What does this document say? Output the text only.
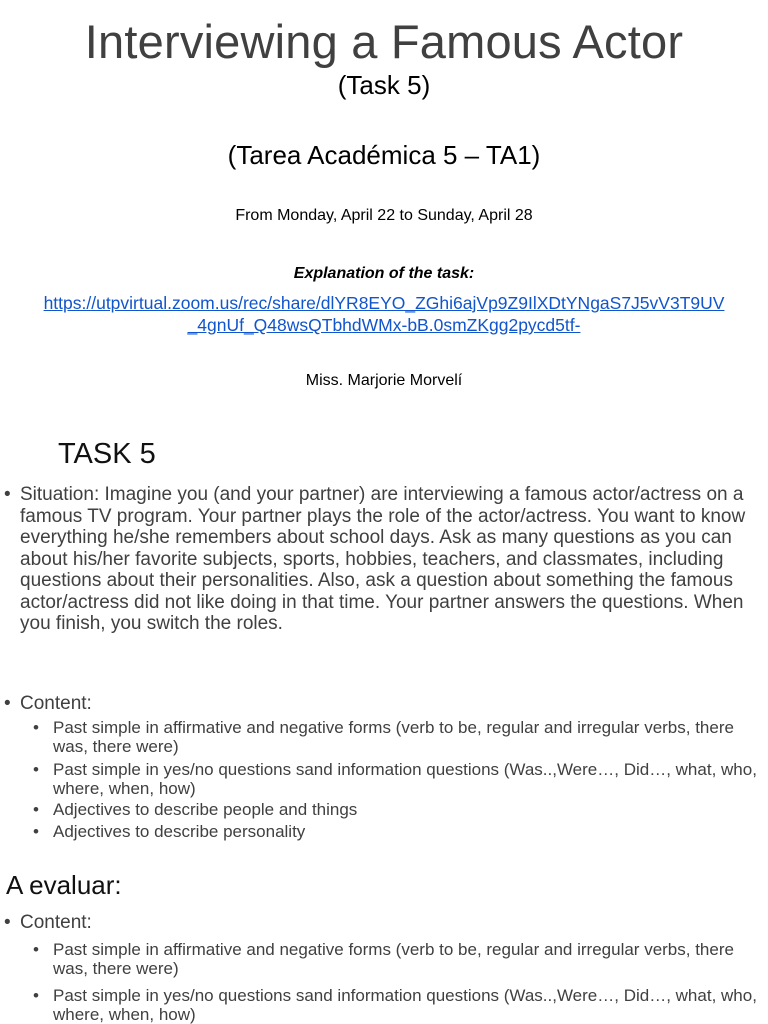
Interviewing a Famous Actor
(Task 5)
(Tarea Académica 5 – TA1)
From Monday, April 22 to Sunday, April 28
Explanation of the task:
https://utpvirtual.zoom.us/rec/share/dlYR8EYO_ZGhi6ajVp9Z9IlXDtYNgaS7J5vV3T9UV
_4gnUf_Q48wsQTbhdWMx-bB.0smZKgg2pycd5tf-
Miss. Marjorie Morvelí
TASK 5
• Situation: Imagine you (and your partner) are interviewing a famous actor/actress on a famous TV program. Your partner plays the role of the actor/actress. You want to know everything he/she remembers about school days. Ask as many questions as you can about his/her favorite subjects, sports, hobbies, teachers, and classmates, including questions about their personalities. Also, ask a question about something the famous actor/actress did not like doing in that time. Your partner answers the questions. When you finish, you switch the roles.
• Content:
• Past simple in affirmative and negative forms (verb to be, regular and irregular verbs, there was, there were)
• Past simple in yes/no questions sand information questions (Was..,Were…, Did…, what, who, where, when, how)
• Adjectives to describe people and things
• Adjectives to describe personality
A evaluar:
• Content:
• Past simple in affirmative and negative forms (verb to be, regular and irregular verbs, there was, there were)
• Past simple in yes/no questions sand information questions (Was..,Were…, Did…, what, who, where, when, how)
